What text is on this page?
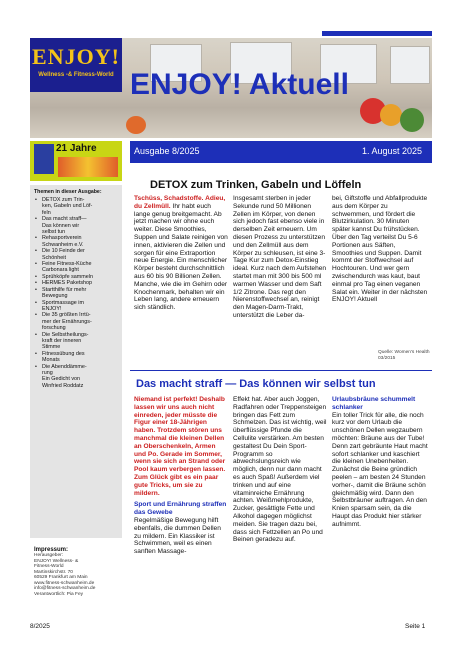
ENJOY!
Wellness -& Fitness-World ENJOY! Aktuell
21 Jahre	Ausgabe 8/2025	1. August 2025
Themen in dieser Ausgabe:
• DETOX zum Trin-
ken, Gabeln und Löf-
feln
• Das macht straff—
Das können wir
selbst tun
• Rehasportverein
Schwanheim e.V.
• Die 10 Feinde der
Schönheit
• Feine Fitness-Küche
Carbonara light
• Sprühköpfe sammeln
• HERMES Paketshop
• Startthilfe für mehr
Bewegung
• Sportmassage im
ENJOY!
• Die 35 größten Irrtü-
mer der Ernährungs-
forschung
• Die Selbstheilungs-
kraft der inneren
Stimme
• Fitnessübung des
Monats
• Die Abenddämme-
rung
Ein Gedicht von
Winfried Roddatz
Impressum:
Herausgeber:
ENJOY! Wellness- &
Fitness-World
Martinskirchstr. 70
60529 Frankfurt am Main
www.fitness-schwanheim.de
info@fitness-schwanheim.de
Verantwortlich: Pia Fey
DETOX zum Trinken, Gabeln und Löffeln
Tschüss, Schadstoffe. Adieu, du Zellmüll. Ihr habt euch lange genug breitgemacht. Ab jetzt machen wir ohne euch weiter. Diese Smoothies, Suppen und Salate reinigen von innen, aktivieren die Zellen und sorgen für eine Extraportion neue Energie. Ein menschlicher Körper besteht durchschnittlich aus 60 bis 90 Billionen Zellen. Manche, wie die im Gehirn oder Knochenmark, behalten wir ein Leben lang, andere erneuern sich ständlich.
Insgesamt sterben in jeder Sekunde rund 50 Millionen Zellen im Körper, von denen sich jedoch fast ebenso viele in derselben Zeit erneuern. Um diesen Prozess zu unterstützen und den Zellmüll aus dem Körper zu schleusen, ist eine 3-Tage Kur zum Detox-Einstieg ideal. Kurz nach dem Aufstehen startet man mit 300 bis 500 ml warmen Wasser und dem Saft 1/2 Zitrone. Das regt den Nierenstoffwechsel an, reinigt den Magen-Darm-Trakt, unterstützt die Leber da-
bei, Giftstoffe und Abfallprodukte aus dem Körper zu schwemmen, und fördert die Blutzirkulation. 30 Minuten später kannst Du frühstücken. Über den Tag verteilst Du 5-6 Portionen aus Säften, Smoothies und Suppen. Damit kommt der Stoffwechsel auf Hochtouren. Und wer gern zwischendurch was kaut, baut einmal pro Tag einen veganen Salat ein. Weiter in der nächsten ENJOY! Aktuell
Quelle: Women's Health 03/2015
Das macht straff — Das können wir selbst tun
Niemand ist perfekt! Deshalb lassen wir uns auch nicht einreden, jeder müsste die Figur einer 18-Jährigen haben. Trotzdem stören uns manchmal die kleinen Dellen an Oberschenkeln, Armen und Po. Gerade im Sommer, wenn sie sich an Strand oder Pool kaum verbergen lassen. Zum Glück gibt es ein paar gute Tricks, um sie zu mildern.
Sport und Ernährung straffen das Gewebe
Regelmäßige Bewegung hilft ebenfalls, die dummen Dellen zu mildern. Ein Klassiker ist Schwimmen, weil es einen sanften Massage-
Effekt hat. Aber auch Joggen, Radfahren oder Treppensteigen bringen das Fett zum Schmelzen. Das ist wichtig, weil überflüssige Pfunde die Cellulite verstärken. Am besten gestaltest Du Dein Sport-Programm so abwechslungsreich wie möglich, denn nur dann macht es auch Spaß! Außerdem viel trinken und auf eine vitaminreiche Ernährung achten. Weißmehlprodukte, Zucker, gesättigte Fette und Alkohol dagegen möglichst meiden. Sie tragen dazu bei, dass sich Fettzellen an Po und Beinen geradezu auf.
Urlaubsbräune schummelt schlanker
Ein toller Trick für alle, die noch kurz vor dem Urlaub die unschönen Dellen wegzaubern möchten: Bräune aus der Tube! Denn zart gebräunte Haut macht sofort schlanker und kaschiert die kleinen Unebenheiten. Zunächst die Beine gründlich peelen – am besten 24 Stunden vorher-, damit die Bräune schön gleichmäßig wird. Dann den Selbstbräuner auftragen. An den Knien sparsam sein, da die Haupt das Produkt hier stärker aufnimmt.
8/2025	Seite 1
